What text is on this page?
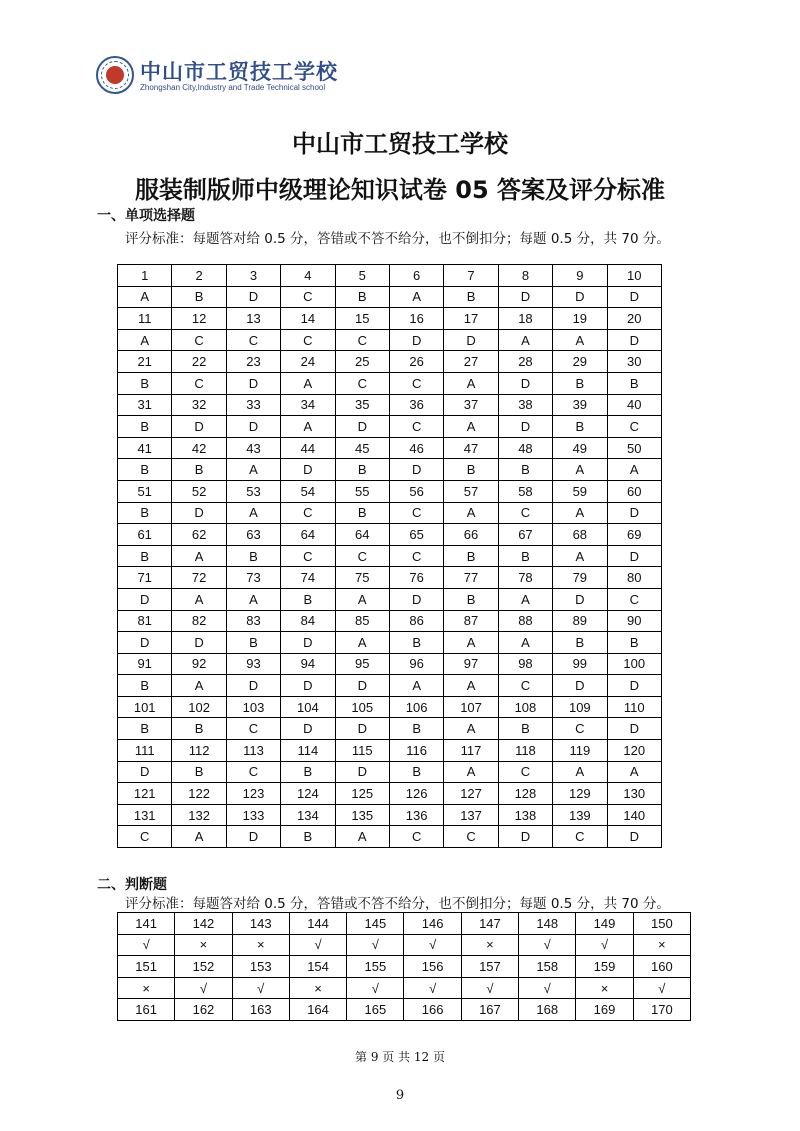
中山市工贸技工学校
Zhongshan City,Industry and Trade Technical school
中山市工贸技工学校
服装制版师中级理论知识试卷 05 答案及评分标准
一、单项选择题
评分标准：每题答对给 0.5 分，答错或不答不给分，也不倒扣分；每题 0.5 分，共 70 分。
1	2	3	4	5	6	7	8	9	10
A	B	D	C	B	A	B	D	D	D
11	12	13	14	15	16	17	18	19	20
A	C	C	C	C	D	D	A	A	D
21	22	23	24	25	26	27	28	29	30
B	C	D	A	C	C	A	D	B	B
31	32	33	34	35	36	37	38	39	40
B	D	D	A	D	C	A	D	B	C
41	42	43	44	45	46	47	48	49	50
B	B	A	D	B	D	B	B	A	A
51	52	53	54	55	56	57	58	59	60
B	D	A	C	B	C	A	C	A	D
61	62	63	64	64	65	66	67	68	69
B	A	B	C	C	C	B	B	A	D
71	72	73	74	75	76	77	78	79	80
D	A	A	B	A	D	B	A	D	C
81	82	83	84	85	86	87	88	89	90
D	D	B	D	A	B	A	A	B	B
91	92	93	94	95	96	97	98	99	100
B	A	D	D	D	A	A	C	D	D
101	102	103	104	105	106	107	108	109	110
B	B	C	D	D	B	A	B	C	D
111	112	113	114	115	116	117	118	119	120
D	B	C	B	D	B	A	C	A	A
121	122	123	124	125	126	127	128	129	130
131	132	133	134	135	136	137	138	139	140
C	A	D	B	A	C	C	D	C	D
二、判断题
评分标准：每题答对给 0.5 分，答错或不答不给分，也不倒扣分；每题 0.5 分，共 70 分。
141	142	143	144	145	146	147	148	149	150
√	×	×	√	√	√	×	√	√	×
151	152	153	154	155	156	157	158	159	160
×	√	√	×	√	√	√	√	×	√
161	162	163	164	165	166	167	168	169	170
第 9 页 共 12 页
9
